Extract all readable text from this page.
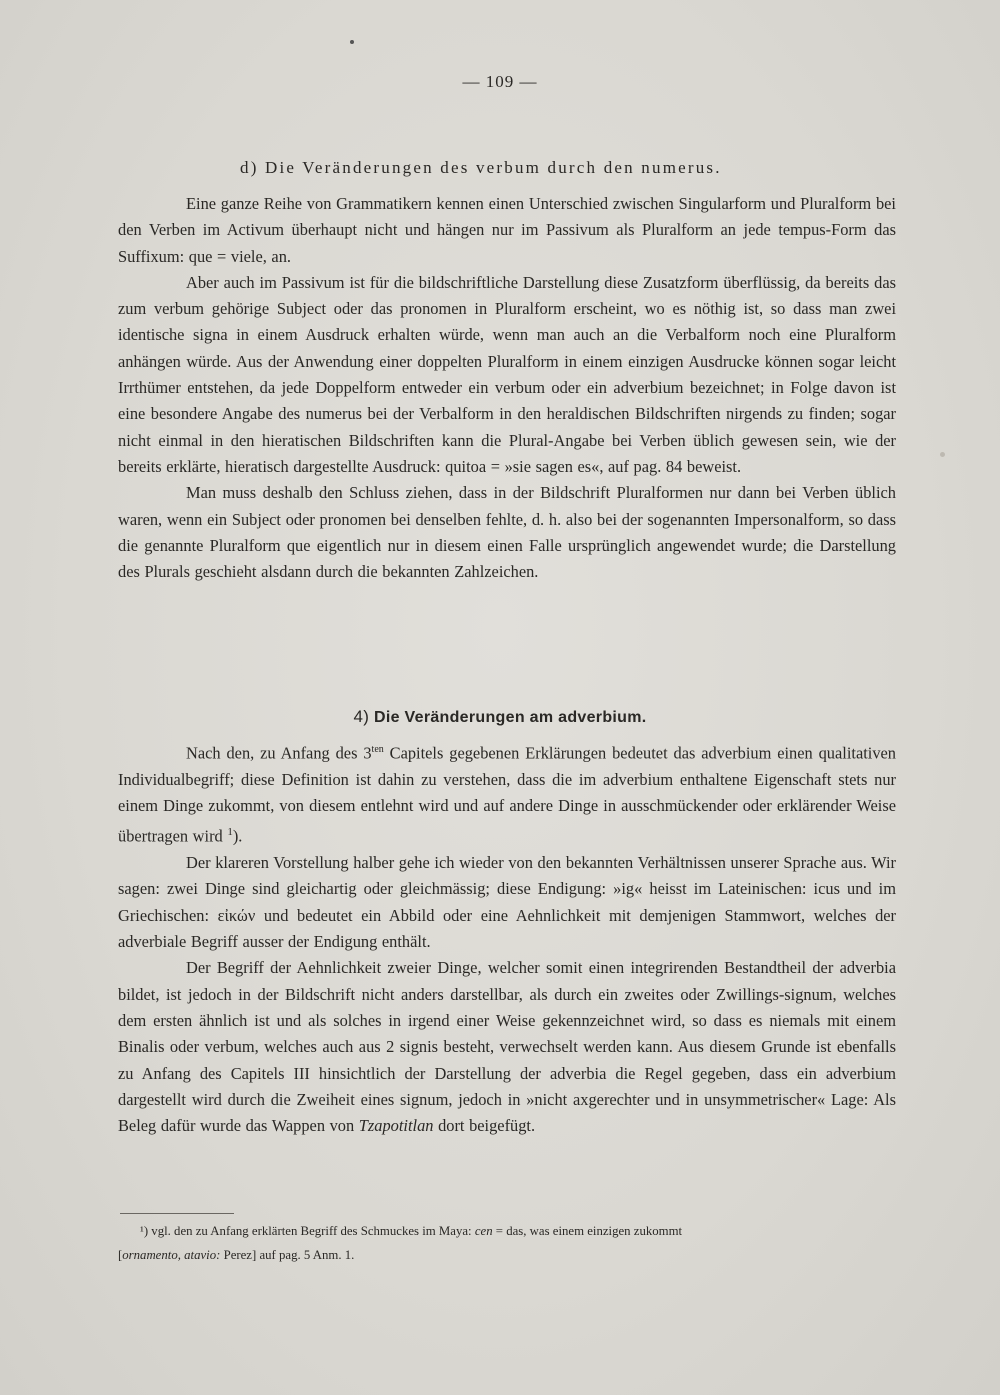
— 109 —
d) Die Veränderungen des verbum durch den numerus.

Eine ganze Reihe von Grammatikern kennen einen Unterschied zwischen Singularform und Pluralform bei den Verben im Activum überhaupt nicht und hängen nur im Passivum als Pluralform an jede tempus-Form das Suffixum: que = viele, an.

Aber auch im Passivum ist für die bildschriftliche Darstellung diese Zusatzform überflüssig, da bereits das zum verbum gehörige Subject oder das pronomen in Pluralform erscheint, wo es nöthig ist, so dass man zwei identische signa in einem Ausdruck erhalten würde, wenn man auch an die Verbalform noch eine Pluralform anhängen würde. Aus der Anwendung einer doppelten Pluralform in einem einzigen Ausdrucke können sogar leicht Irrthümer entstehen, da jede Doppelform entweder ein verbum oder ein adverbium bezeichnet; in Folge davon ist eine besondere Angabe des numerus bei der Verbalform in den heraldischen Bildschriften nirgends zu finden; sogar nicht einmal in den hieratischen Bildschriften kann die Plural-Angabe bei Verben üblich gewesen sein, wie der bereits erklärte, hieratisch dargestellte Ausdruck: quitoa = »sie sagen es«, auf pag. 84 beweist.

Man muss deshalb den Schluss ziehen, dass in der Bildschrift Pluralformen nur dann bei Verben üblich waren, wenn ein Subject oder pronomen bei denselben fehlte, d. h. also bei der sogenannten Impersonalform, so dass die genannte Pluralform que eigentlich nur in diesem einen Falle ursprünglich angewendet wurde; die Darstellung des Plurals geschieht alsdann durch die bekannten Zahlzeichen.

4) Die Veränderungen am adverbium.

Nach den, zu Anfang des $3^{ten}$ Capitels gegebenen Erklärungen bedeutet das adverbium einen qualitativen Individualbegriff; diese Definition ist dahin zu verstehen, dass die im adverbium enthaltene Eigenschaft stets nur einem Dinge zukommt, von diesem entlehnt wird und auf andere Dinge in ausschmückender oder erklärender Weise übertragen wird $^1$).

Der klareren Vorstellung halber gehe ich wieder von den bekannten Verhältnissen unserer Sprache aus. Wir sagen: zwei Dinge sind gleichartig oder gleichmässig; diese Endigung: »ig« heisst im Lateinischen: icus und im Griechischen: εἰκών und bedeutet ein Abbild oder eine Aehnlichkeit mit demjenigen Stammwort, welches der adverbiale Begriff ausser der Endigung enthält.

Der Begriff der Aehnlichkeit zweier Dinge, welcher somit einen integrirenden Bestandtheil der adverbia bildet, ist jedoch in der Bildschrift nicht anders darstellbar, als durch ein zweites oder Zwillings-signum, welches dem ersten ähnlich ist und als solches in irgend einer Weise gekennzeichnet wird, so dass es niemals mit einem Binalis oder verbum, welches auch aus 2 signis besteht, verwechselt werden kann. Aus diesem Grunde ist ebenfalls zu Anfang des Capitels III hinsichtlich der Darstellung der adverbia die Regel gegeben, dass ein adverbium dargestellt wird durch die Zweiheit eines signum, jedoch in »nicht axgerechter und in unsymmetrischer« Lage: Als Beleg dafür wurde das Wappen von Tzapotitlan dort beigefügt.

¹) vgl. den zu Anfang erklärten Begriff des Schmuckes im Maya: cen = das, was einem einzigen zukommt

[ornamento, atavio: Perez] auf pag. 5 Anm. 1.
